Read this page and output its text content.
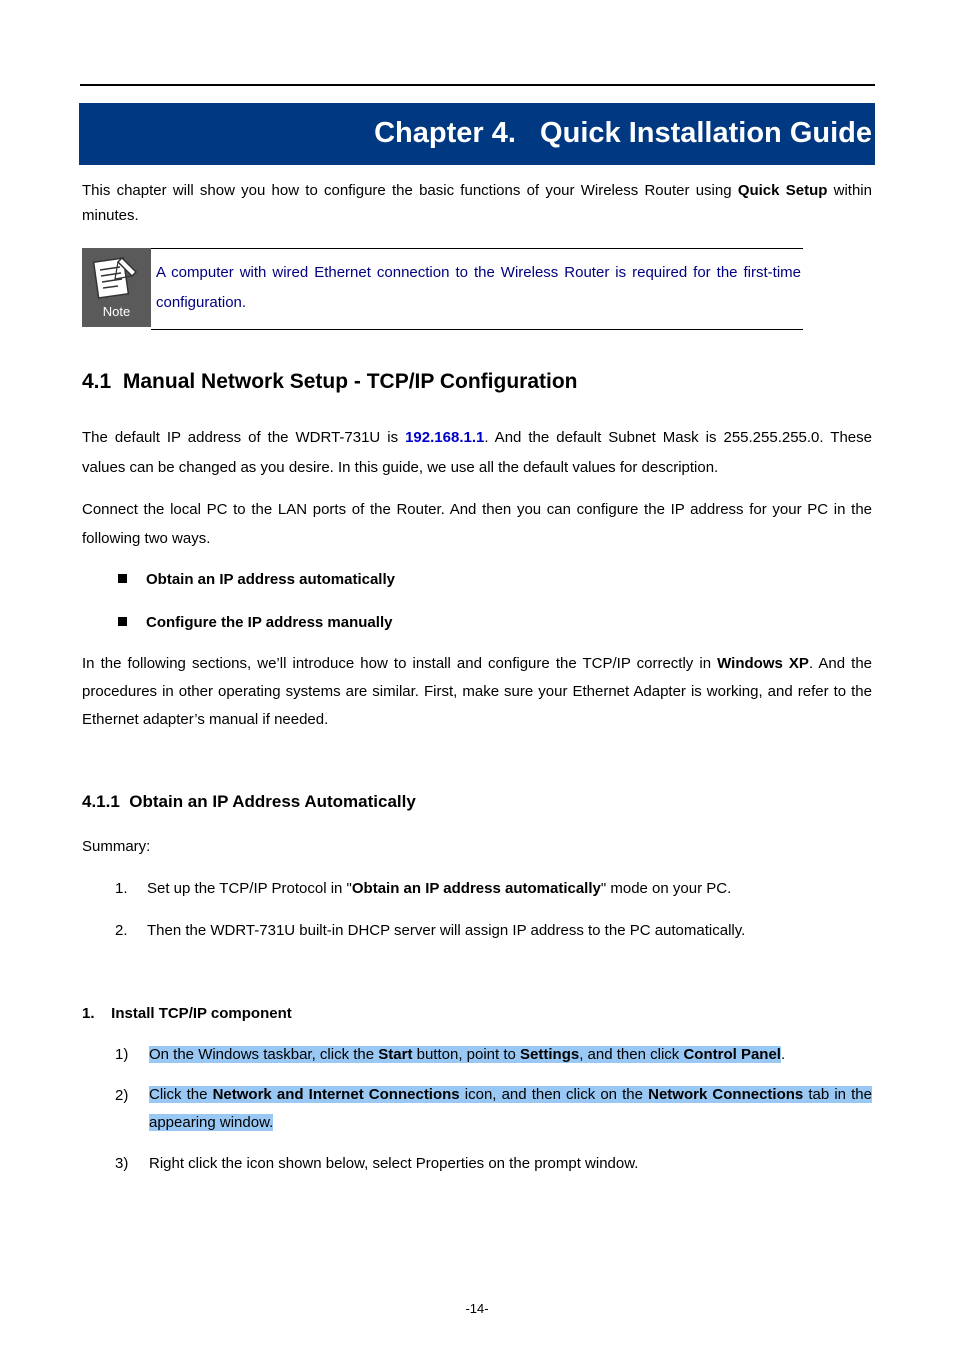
Chapter 4.   Quick Installation Guide
This chapter will show you how to configure the basic functions of your Wireless Router using Quick Setup within minutes.
Note
A computer with wired Ethernet connection to the Wireless Router is required for the first-time configuration.
4.1  Manual Network Setup - TCP/IP Configuration
The default IP address of the WDRT-731U is 192.168.1.1. And the default Subnet Mask is 255.255.255.0. These values can be changed as you desire. In this guide, we use all the default values for description.
Connect the local PC to the LAN ports of the Router. And then you can configure the IP address for your PC in the following two ways.
Obtain an IP address automatically
Configure the IP address manually
In the following sections, we’ll introduce how to install and configure the TCP/IP correctly in Windows XP. And the procedures in other operating systems are similar. First, make sure your Ethernet Adapter is working, and refer to the Ethernet adapter’s manual if needed.
4.1.1  Obtain an IP Address Automatically
Summary:
1. Set up the TCP/IP Protocol in "Obtain an IP address automatically" mode on your PC.
2. Then the WDRT-731U built-in DHCP server will assign IP address to the PC automatically.
1.    Install TCP/IP component
1) On the Windows taskbar, click the Start button, point to Settings, and then click Control Panel.
2) Click the Network and Internet Connections icon, and then click on the Network Connections tab in the appearing window.
3) Right click the icon shown below, select Properties on the prompt window.
-14-
